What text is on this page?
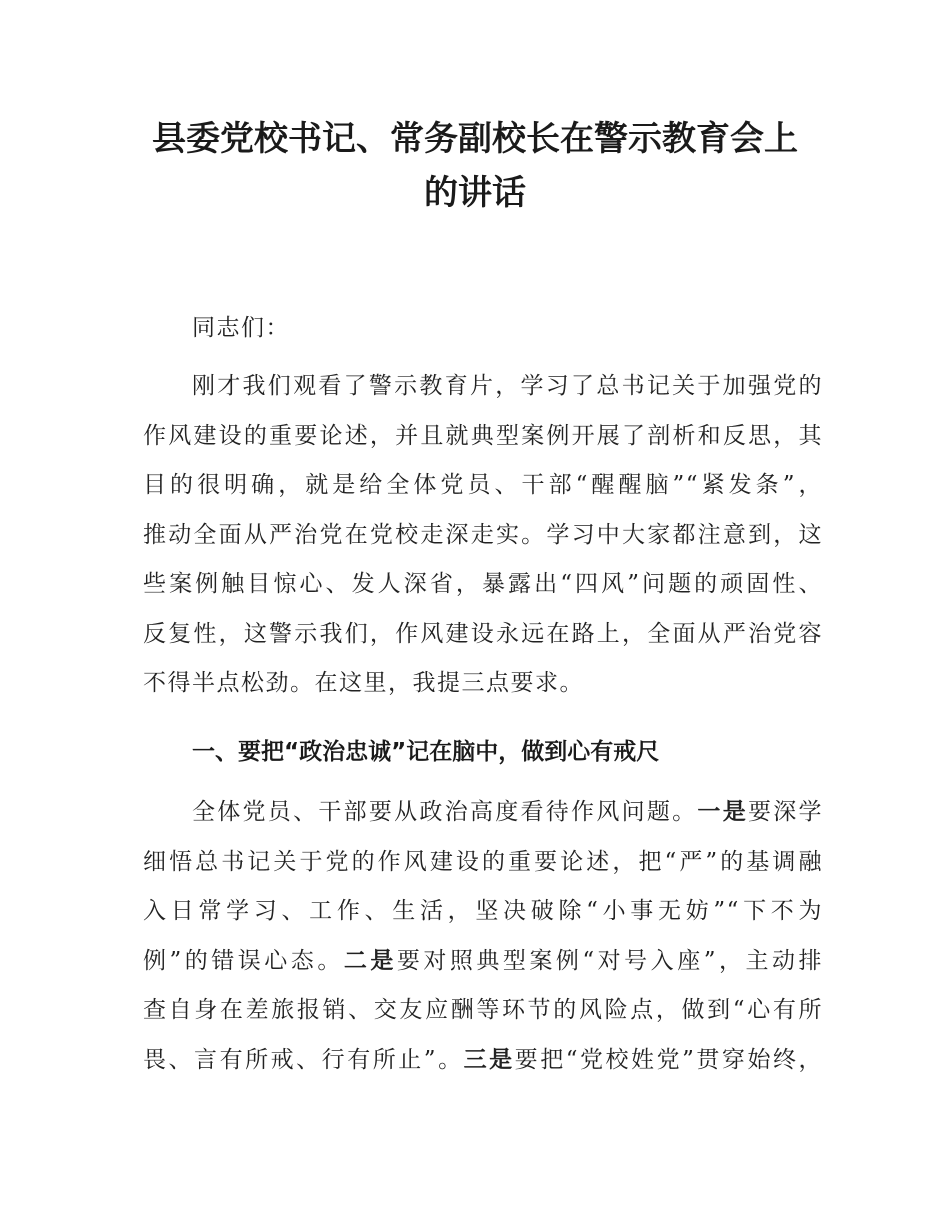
县委党校书记、常务副校长在警示教育会上
的讲话
同志们：
刚才我们观看了警示教育片，学习了总书记关于加强党的
作风建设的重要论述，并且就典型案例开展了剖析和反思，其
目的很明确，就是给全体党员、干部“醒醒脑”“紧发条”，
推动全面从严治党在党校走深走实。学习中大家都注意到，这
些案例触目惊心、发人深省，暴露出“四风”问题的顽固性、
反复性，这警示我们，作风建设永远在路上，全面从严治党容
不得半点松劲。在这里，我提三点要求。
一、要把“政治忠诚”记在脑中，做到心有戒尺
全体党员、干部要从政治高度看待作风问题。一是要深学
细悟总书记关于党的作风建设的重要论述，把“严”的基调融
入日常学习、工作、生活，坚决破除“小事无妨”“下不为
例”的错误心态。二是要对照典型案例“对号入座”，主动排
查自身在差旅报销、交友应酬等环节的风险点，做到“心有所
畏、言有所戒、行有所止”。三是要把“党校姓党”贯穿始终，
